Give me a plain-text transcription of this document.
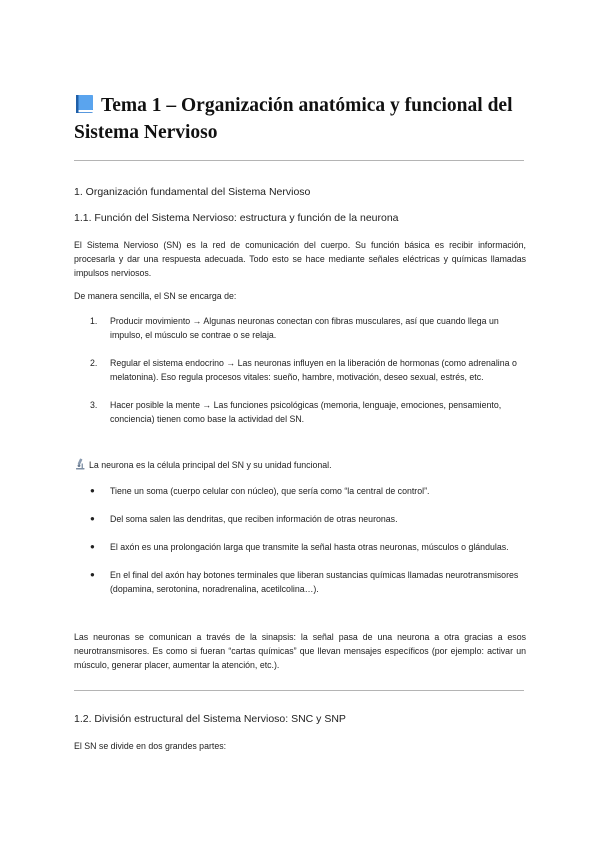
Tema 1 – Organización anatómica y funcional del Sistema Nervioso
1. Organización fundamental del Sistema Nervioso
1.1. Función del Sistema Nervioso: estructura y función de la neurona

El Sistema Nervioso (SN) es la red de comunicación del cuerpo. Su función básica es recibir información, procesarla y dar una respuesta adecuada. Todo esto se hace mediante señales eléctricas y químicas llamadas impulsos nerviosos.

De manera sencilla, el SN se encarga de:

1. Producir movimiento → Algunas neuronas conectan con fibras musculares, así que cuando llega un impulso, el músculo se contrae o se relaja.
2. Regular el sistema endocrino → Las neuronas influyen en la liberación de hormonas (como adrenalina o melatonina). Eso regula procesos vitales: sueño, hambre, motivación, deseo sexual, estrés, etc.
3. Hacer posible la mente → Las funciones psicológicas (memoria, lenguaje, emociones, pensamiento, conciencia) tienen como base la actividad del SN.
La neurona es la célula principal del SN y su unidad funcional.
● Tiene un soma (cuerpo celular con núcleo), que sería como “la central de control”.
● Del soma salen las dendritas, que reciben información de otras neuronas.
● El axón es una prolongación larga que transmite la señal hasta otras neuronas, músculos o glándulas.
● En el final del axón hay botones terminales que liberan sustancias químicas llamadas neurotransmisores (dopamina, serotonina, noradrenalina, acetilcolina…).

Las neuronas se comunican a través de la sinapsis: la señal pasa de una neurona a otra gracias a esos neurotransmisores. Es como si fueran “cartas químicas” que llevan mensajes específicos (por ejemplo: activar un músculo, generar placer, aumentar la atención, etc.).

1.2. División estructural del Sistema Nervioso: SNC y SNP

El SN se divide en dos grandes partes:
